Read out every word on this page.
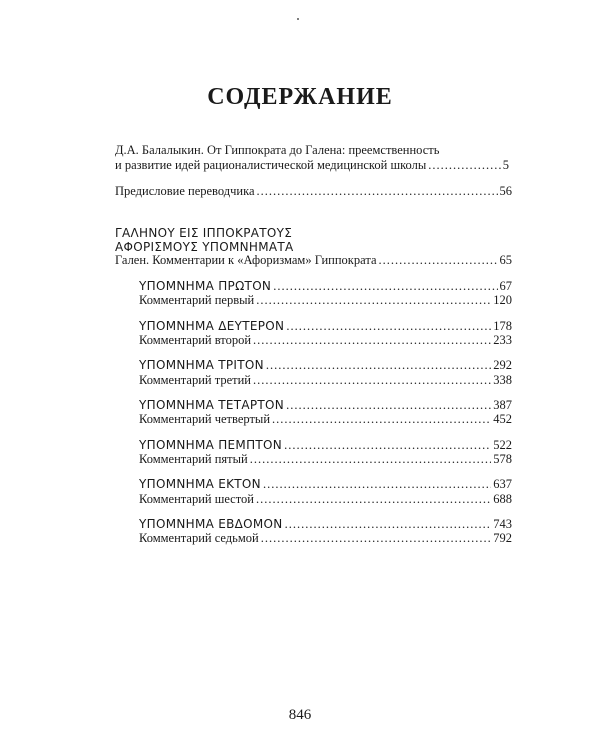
СОДЕРЖАНИЕ
Д.А. Балалыкин. От Гиппократа до Галена: преемственность
и развитие идей рационалистической медицинской школы .....	5
Предисловие переводчика .....	56
ΓΑΛΗΝΟΥ ΕΙΣ ΙΠΠΟΚΡΑΤΟΥΣ
ΑΦΟΡΙΣΜΟΥΣ ΥΠΟΜΝΗΜΑΤΑ
Гален. Комментарии к «Афоризмам» Гиппократа .....	65
ΥΠΟΜΝΗΜΑ ΠΡΩΤΟΝ .....	67
Комментарий первый .....	120
ΥΠΟΜΝΗΜΑ ΔΕΥΤΕΡΟΝ .....	178
Комментарий второй .....	233
ΥΠΟΜΝΗΜΑ ΤΡΙΤΟΝ .....	292
Комментарий третий .....	338
ΥΠΟΜΝΗΜΑ ΤΕΤΑΡΤΟΝ .....	387
Комментарий четвертый .....	452
ΥΠΟΜΝΗΜΑ ΠΕΜΠΤΟΝ .....	522
Комментарий пятый .....	578
ΥΠΟΜΝΗΜΑ ΕΚΤΟΝ .....	637
Комментарий шестой .....	688
ΥΠΟΜΝΗΜΑ ΕΒΔΟΜΟΝ .....	743
Комментарий седьмой .....	792
846
